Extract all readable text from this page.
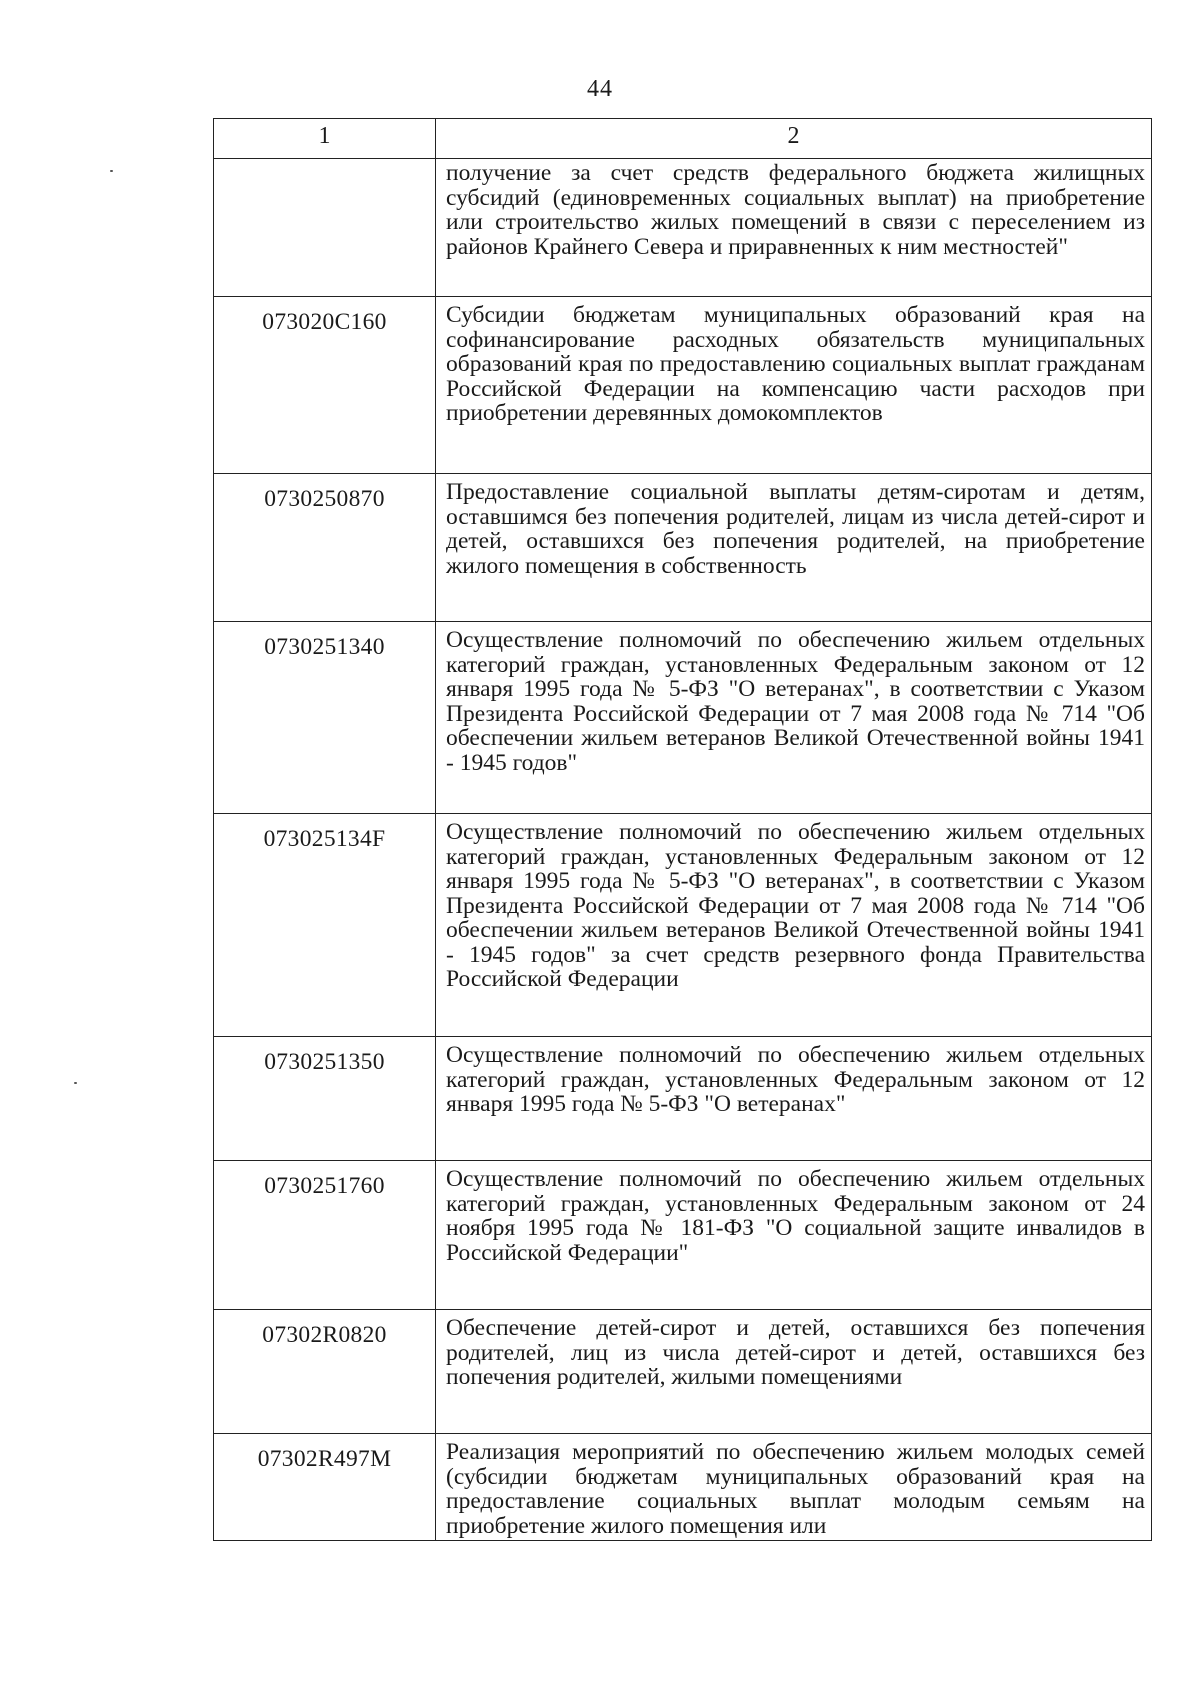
44
1	2
	получение за счет средств федерального бюджета жилищных субсидий (единовременных социальных выплат) на приобретение или строительство жилых помещений в связи с переселением из районов Крайнего Севера и приравненных к ним местностей"
073020С160	Субсидии бюджетам муниципальных образований края на софинансирование расходных обязательств муниципальных образований края по предоставлению социальных выплат гражданам Российской Федерации на компенсацию части расходов при приобретении деревянных домокомплектов
0730250870	Предоставление социальной выплаты детям-сиротам и детям, оставшимся без попечения родителей, лицам из числа детей-сирот и детей, оставшихся без попечения родителей, на приобретение жилого помещения в собственность
0730251340	Осуществление полномочий по обеспечению жильем отдельных категорий граждан, установленных Федеральным законом от 12 января 1995 года № 5-ФЗ "О ветеранах", в соответствии с Указом Президента Российской Федерации от 7 мая 2008 года № 714 "Об обеспечении жильем ветеранов Великой Отечественной войны 1941 - 1945 годов"
073025134F	Осуществление полномочий по обеспечению жильем отдельных категорий граждан, установленных Федеральным законом от 12 января 1995 года № 5-ФЗ "О ветеранах", в соответствии с Указом Президента Российской Федерации от 7 мая 2008 года № 714 "Об обеспечении жильем ветеранов Великой Отечественной войны 1941 - 1945 годов" за счет средств резервного фонда Правительства Российской Федерации
0730251350	Осуществление полномочий по обеспечению жильем отдельных категорий граждан, установленных Федеральным законом от 12 января 1995 года № 5-ФЗ "О ветеранах"
0730251760	Осуществление полномочий по обеспечению жильем отдельных категорий граждан, установленных Федеральным законом от 24 ноября 1995 года № 181-ФЗ "О социальной защите инвалидов в Российской Федерации"
07302R0820	Обеспечение детей-сирот и детей, оставшихся без попечения родителей, лиц из числа детей-сирот и детей, оставшихся без попечения родителей, жилыми помещениями
07302R497M	Реализация мероприятий по обеспечению жильем молодых семей (субсидии бюджетам муниципальных образований края на предоставление социальных выплат молодым семьям на приобретение жилого помещения или
